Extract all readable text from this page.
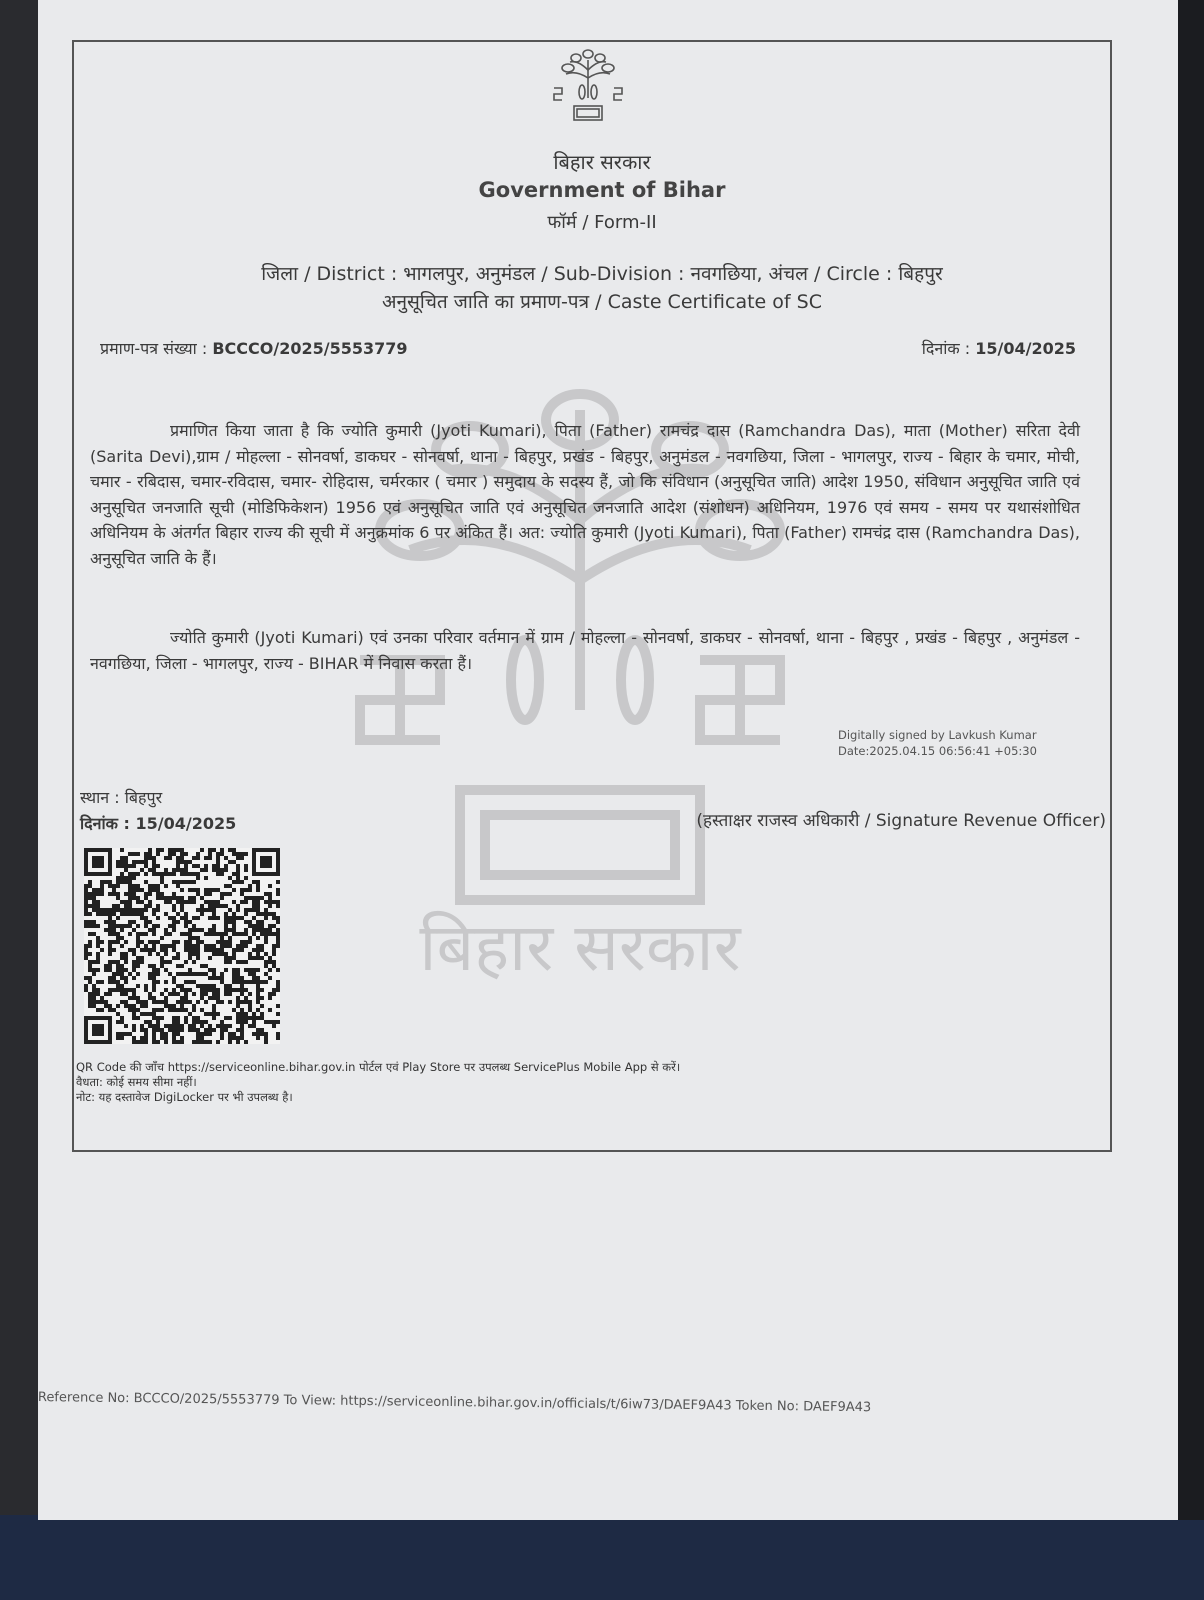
बिहार सरकार
Government of Bihar
फॉर्म / Form-II
जिला / District : भागलपुर, अनुमंडल / Sub-Division : नवगछिया, अंचल / Circle : बिहपुर
अनुसूचित जाति का प्रमाण-पत्र / Caste Certificate of SC
प्रमाण-पत्र संख्या : BCCCO/2025/5553779	दिनांक : 15/04/2025
बिहार सरकार
प्रमाणित किया जाता है कि ज्योति कुमारी (Jyoti Kumari), पिता (Father) रामचंद्र दास (Ramchandra Das), माता (Mother) सरिता देवी (Sarita Devi),ग्राम / मोहल्ला - सोनवर्षा, डाकघर - सोनवर्षा, थाना - बिहपुर, प्रखंड - बिहपुर, अनुमंडल - नवगछिया, जिला - भागलपुर, राज्य - बिहार के चमार, मोची, चमार - रबिदास, चमार-रविदास, चमार- रोहिदास, चर्मरकार ( चमार ) समुदाय के सदस्य हैं, जो कि संविधान (अनुसूचित जाति) आदेश 1950, संविधान अनुसूचित जाति एवं अनुसूचित जनजाति सूची (मोडिफिकेशन) 1956 एवं अनुसूचित जाति एवं अनुसूचित जनजाति आदेश (संशोधन) अधिनियम, 1976 एवं समय - समय पर यथासंशोधित अधिनियम के अंतर्गत बिहार राज्य की सूची में अनुक्रमांक 6 पर अंकित हैं। अत: ज्योति कुमारी (Jyoti Kumari), पिता (Father) रामचंद्र दास (Ramchandra Das), अनुसूचित जाति के हैं।
ज्योति कुमारी (Jyoti Kumari) एवं उनका परिवार वर्तमान में ग्राम / मोहल्ला - सोनवर्षा, डाकघर - सोनवर्षा, थाना - बिहपुर , प्रखंड - बिहपुर , अनुमंडल - नवगछिया, जिला - भागलपुर, राज्य - BIHAR में निवास करता हैं।
Digitally signed by Lavkush Kumar
Date:2025.04.15 06:56:41 +05:30
स्थान : बिहपुर
दिनांक : 15/04/2025	(हस्ताक्षर राजस्व अधिकारी / Signature Revenue Officer)
QR Code की जाँच https://serviceonline.bihar.gov.in पोर्टल एवं Play Store पर उपलब्ध ServicePlus Mobile App से करें।
वैधता: कोई समय सीमा नहीं।
नोट: यह दस्तावेज DigiLocker पर भी उपलब्ध है।
Reference No: BCCCO/2025/5553779 To View: https://serviceonline.bihar.gov.in/officials/t/6iw73/DAEF9A43 Token No: DAEF9A43
